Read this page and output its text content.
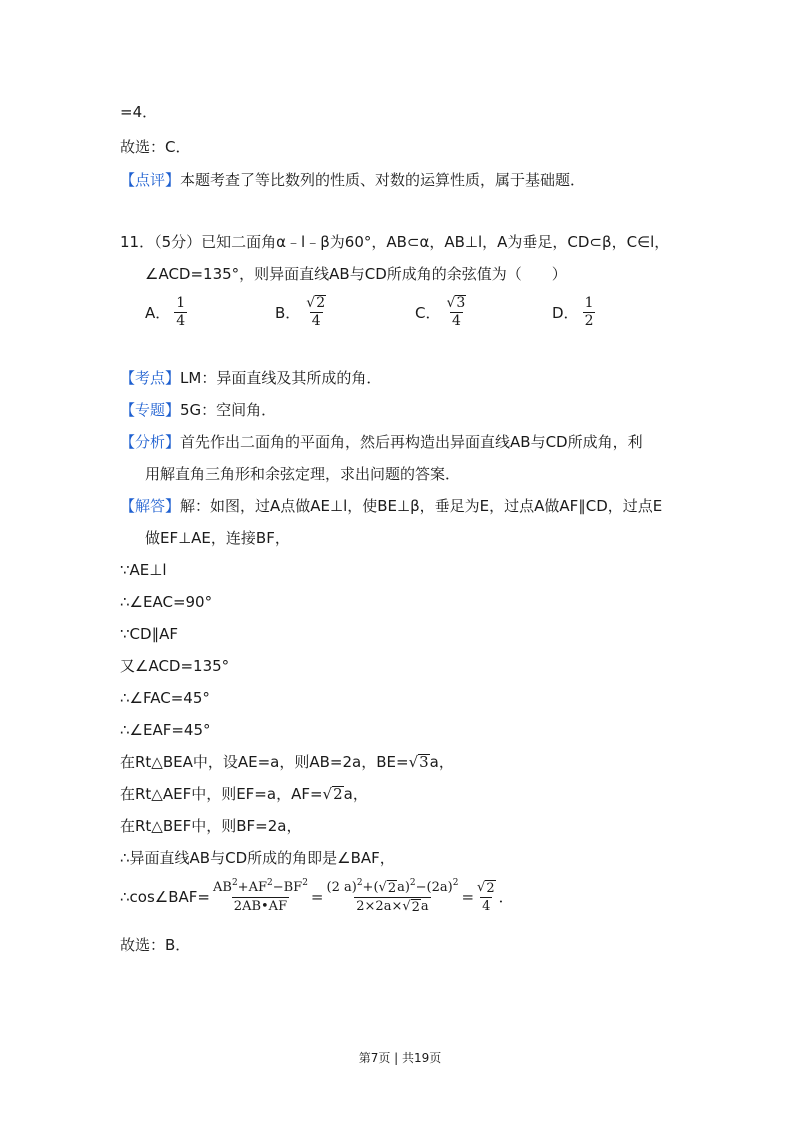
=4．
故选：C．
【点评】本题考查了等比数列的性质、对数的运算性质，属于基础题．
11．（5分）已知二面角α﹣l﹣β为60°，AB⊂α，AB⊥l，A为垂足，CD⊂β，C∈l，
∠ACD=135°，则异面直线AB与CD所成角的余弦值为（　　）
A． $\frac{1}{4}$	B． $\frac{√ 2}{4}$	C． $\frac{√ 3}{4}$	D． $\frac{1}{2}$
【考点】LM：异面直线及其所成的角．
【专题】5G：空间角．
【分析】首先作出二面角的平面角，然后再构造出异面直线AB与CD所成角，利
用解直角三角形和余弦定理，求出问题的答案．
【解答】解：如图，过A点做AE⊥l，使BE⊥β，垂足为E，过点A做AF∥CD，过点E
做EF⊥AE，连接BF，
∵AE⊥l
∴∠EAC=90°
∵CD∥AF
又∠ACD=135°
∴∠FAC=45°
∴∠EAF=45°
在Rt△BEA中，设AE=a，则AB=2a，BE= √ 3 a，
在Rt△AEF中，则EF=a，AF= √ 2 a，
在Rt△BEF中，则BF=2a，
∴异面直线AB与CD所成的角即是∠BAF，
∴cos∠BAF= $\frac{AB^2+AF^2-BF^2}{2AB•AF} = \frac{(2 a)^2+( √ 2 a)^2-(2a)^2}{2\times 2a\times √ 2 a} = \frac{√ 2}{4}$ ．
故选：B．
第7页 | 共19页
